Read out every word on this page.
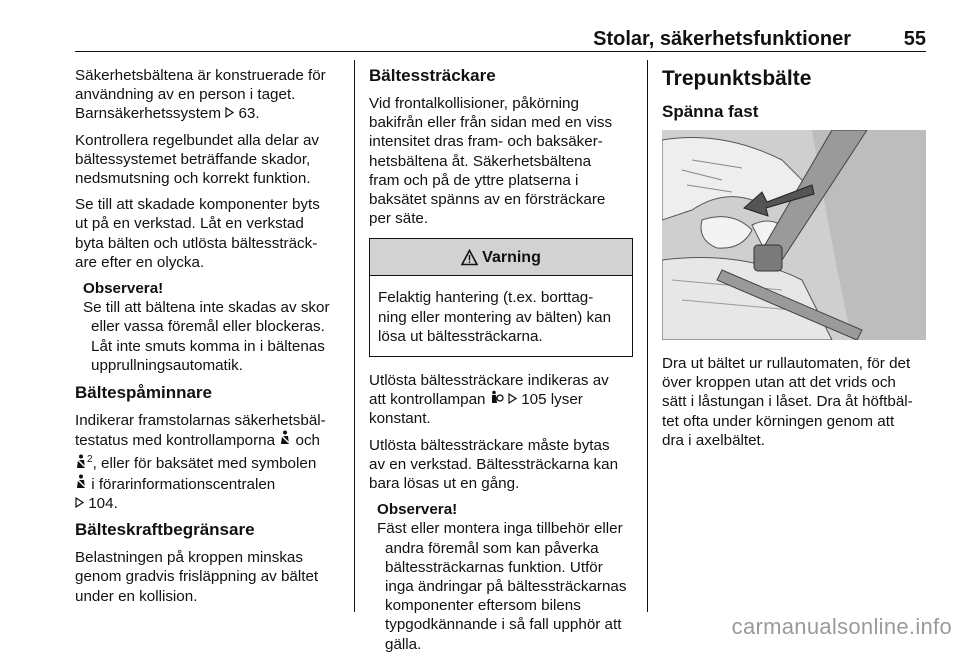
Stolar, säkerhetsfunktioner	55

Säkerhetsbältena är konstruerade för
användning av en person i taget.
Barnsäkerhetssystem  63.

Kontrollera regelbundet alla delar av
bältessystemet beträffande skador,
nedsmutsning och korrekt funktion.

Se till att skadade komponenter byts
ut på en verkstad. Låt en verkstad
byta bälten och utlösta bältessträck-
are efter en olycka.

Observera!
Se till att bältena inte skadas av skor
eller vassa föremål eller blockeras.
Låt inte smuts komma in i bältenas
upprullningsautomatik.
Bältespåminnare

Indikerar framstolarnas säkerhetsbäl-
testatus med kontrollamporna  och
$^2$, eller för baksätet med symbolen
i förarinformationscentralen
104.

Bälteskraftbegränsare

Belastningen på kroppen minskas
genom gradvis frisläppning av bältet
under en kollision.

Bältessträckare

Vid frontalkollisioner, påkörning
bakifrån eller från sidan med en viss
intensitet dras fram- och baksäker-
hetsbältena åt. Säkerhetsbältena
fram och på de yttre platserna i
baksätet spänns av en försträckare
per säte.

Varning
Felaktig hantering (t.ex. borttag-
ning eller montering av bälten) kan
lösa ut bältessträckarna.

Utlösta bältessträckare indikeras av
att kontrollampan   105 lyser
konstant.

Utlösta bältessträckare måste bytas
av en verkstad. Bältessträckarna kan
bara lösas ut en gång.

Observera!
Fäst eller montera inga tillbehör eller
andra föremål som kan påverka
bältessträckarnas funktion. Utför
inga ändringar på bältessträckarnas
komponenter eftersom bilens
typgodkännande i så fall upphör att
gälla.
Trepunktsbälte
Spänna fast

Dra ut bältet ur rullautomaten, för det
över kroppen utan att det vrids och
sätt i låstungan i låset. Dra åt höftbäl-
tet ofta under körningen genom att
dra i axelbältet.

carmanualsonline.info
